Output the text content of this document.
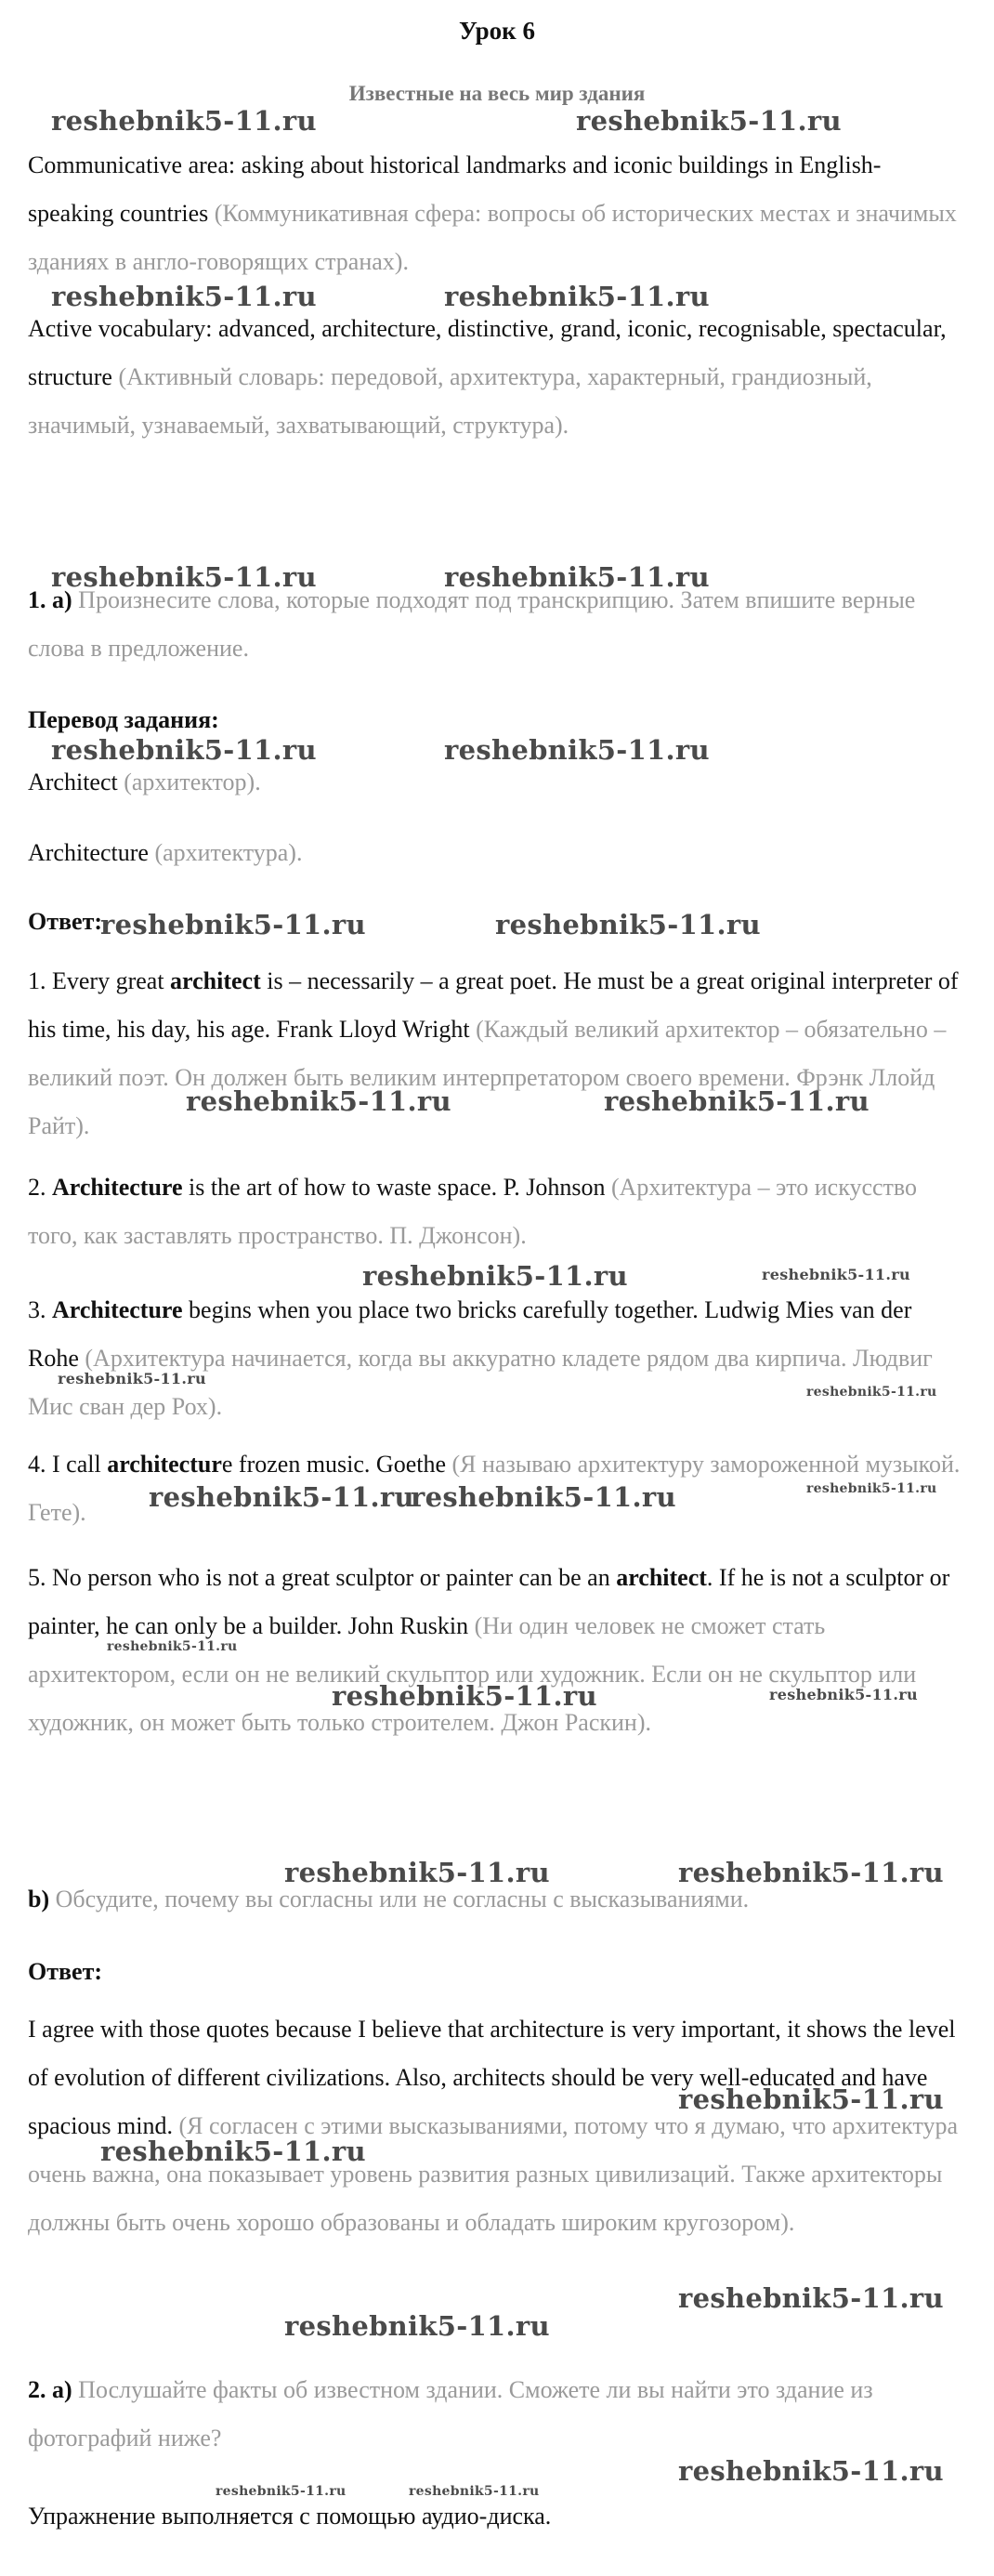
Урок 6
Известные на весь мир здания
Communicative area: asking about historical landmarks and iconic buildings in English-speaking countries (Коммуникативная сфера: вопросы об исторических местах и значимых зданиях в англо-говорящих странах).
Active vocabulary: advanced, architecture, distinctive, grand, iconic, recognisable, spectacular, structure (Активный словарь: передовой, архитектура, характерный, грандиозный, значимый, узнаваемый, захватывающий, структура).
1. а) Произнесите слова, которые подходят под транскрипцию. Затем впишите верные слова в предложение.
Перевод задания:
Architect (архитектор).
Architecture (архитектура).
Ответ:
1. Every great architect is – necessarily – a great poet. He must be a great original interpreter of his time, his day, his age. Frank Lloyd Wright (Каждый великий архитектор – обязательно – великий поэт. Он должен быть великим интерпретатором своего времени. Фрэнк Ллойд Райт).
2. Architecture is the art of how to waste space. P. Johnson (Архитектура – это искусство того, как заставлять пространство. П. Джонсон).
3. Architecture begins when you place two bricks carefully together. Ludwig Mies van der Rohe (Архитектура начинается, когда вы аккуратно кладете рядом два кирпича. Людвиг Мис сван дер Рох).
4. I call architecture frozen music. Goethe (Я называю архитектуру замороженной музыкой. Гете).
5. No person who is not a great sculptor or painter can be an architect. If he is not a sculptor or painter, he can only be a builder. John Ruskin (Ни один человек не сможет стать архитектором, если он не великий скульптор или художник. Если он не скульптор или художник, он может быть только строителем. Джон Раскин).
b) Обсудите, почему вы согласны или не согласны с высказываниями.
Ответ:
I agree with those quotes because I believe that architecture is very important, it shows the level of evolution of different civilizations. Also, architects should be very well-educated and have spacious mind. (Я согласен с этими высказываниями, потому что я думаю, что архитектура очень важна, она показывает уровень развития разных цивилизаций. Также архитекторы должны быть очень хорошо образованы и обладать широким кругозором).
2. а) Послушайте факты об известном здании. Сможете ли вы найти это здание из фотографий ниже?
Упражнение выполняется с помощью аудио-диска.
reshebnik5-11.ru	reshebnik5-11.ru
reshebnik5-11.ru	reshebnik5-11.ru
reshebnik5-11.ru	reshebnik5-11.ru
reshebnik5-11.ru	reshebnik5-11.ru
reshebnik5-11.ru	reshebnik5-11.ru
reshebnik5-11.ru	reshebnik5-11.ru
reshebnik5-11.ru	reshebnik5-11.ru
reshebnik5-11.ru
reshebnik5-11.ru
reshebnik5-11.ru
reshebnik5-11.ru
reshebnik5-11.ru
reshebnik5-11.ru
reshebnik5-11.ru	reshebnik5-11.ru
reshebnik5-11.ru	reshebnik5-11.ru
reshebnik5-11.ru
reshebnik5-11.ru
reshebnik5-11.ru
reshebnik5-11.ru
reshebnik5-11.ru
reshebnik5-11.ru	reshebnik5-11.ru
